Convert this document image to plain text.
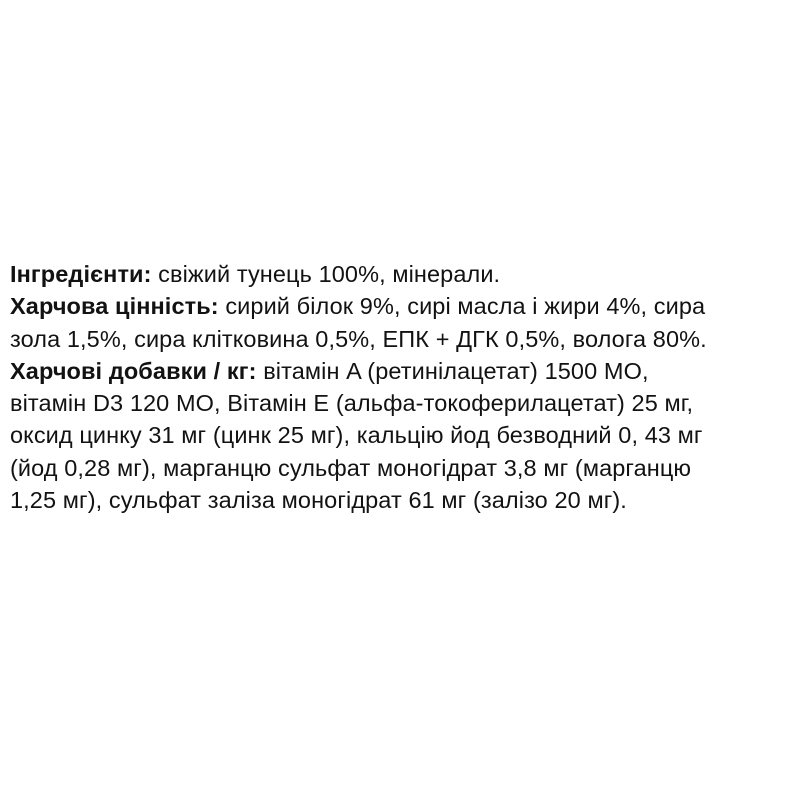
Інгредієнти: свіжий тунець 100%, мінерали.
Харчова цінність: сирий білок 9%, сирі масла і жири 4%, сира
зола 1,5%, сира клітковина 0,5%, ЕПК + ДГК 0,5%, волога 80%.
Харчові добавки / кг: вітамін A (ретинілацетат) 1500 МО,
вітамін D3 120 МО, Вітамін E (альфа-токоферилацетат) 25 мг,
оксид цинку 31 мг (цинк 25 мг), кальцію йод безводний 0, 43 мг
(йод 0,28 мг), марганцю сульфат моногідрат 3,8 мг (марганцю
1,25 мг), сульфат заліза моногідрат 61 мг (залізо 20 мг).
